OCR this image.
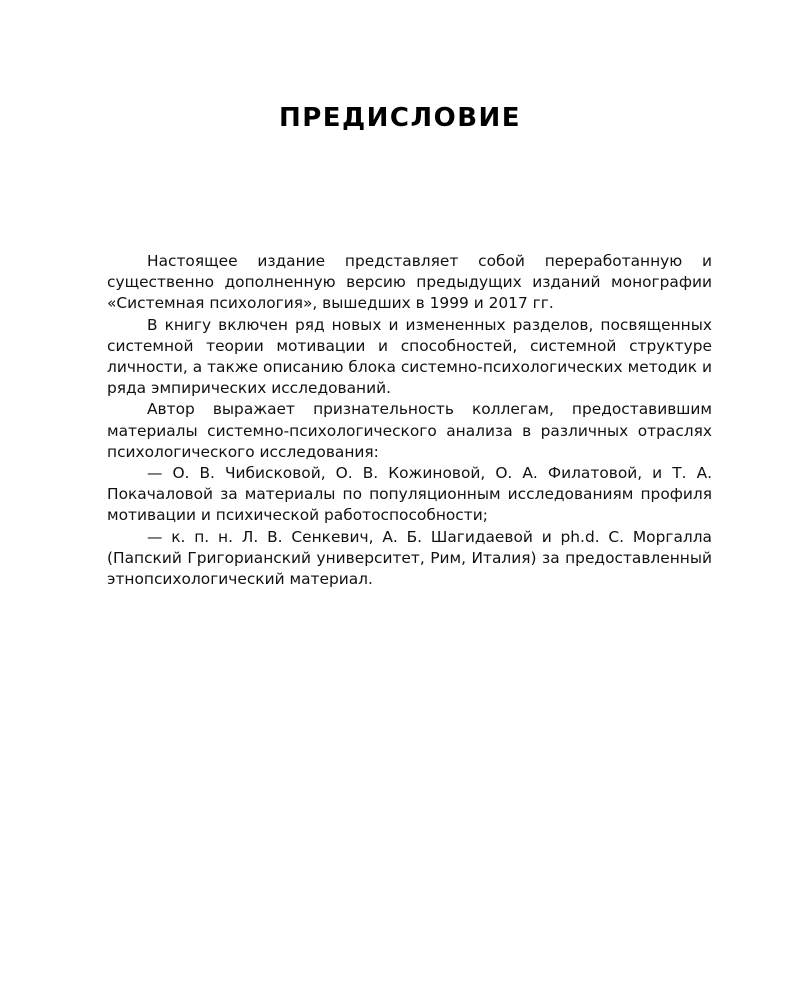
ПРЕДИСЛОВИЕ

Настоящее издание представляет собой переработанную и существенно дополненную версию предыдущих изданий монографии «Системная психология», вышедших в 1999 и 2017 гг.

В книгу включен ряд новых и измененных разделов, посвященных системной теории мотивации и способностей, системной структуре личности, а также описанию блока системно-психологических методик и ряда эмпирических исследований.

Автор выражает признательность коллегам, предоставившим материалы системно-психологического анализа в различных отраслях психологического исследования:

— О. В. Чибисковой, О. В. Кожиновой, О. А. Филатовой, и Т. А. Покачаловой за материалы по популяционным исследованиям профиля мотивации и психической работоспособности;

— к. п. н. Л. В. Сенкевич, А. Б. Шагидаевой и ph.d. С. Моргалла (Папский Григорианский университет, Рим, Италия) за предоставленный этнопсихологический материал.
